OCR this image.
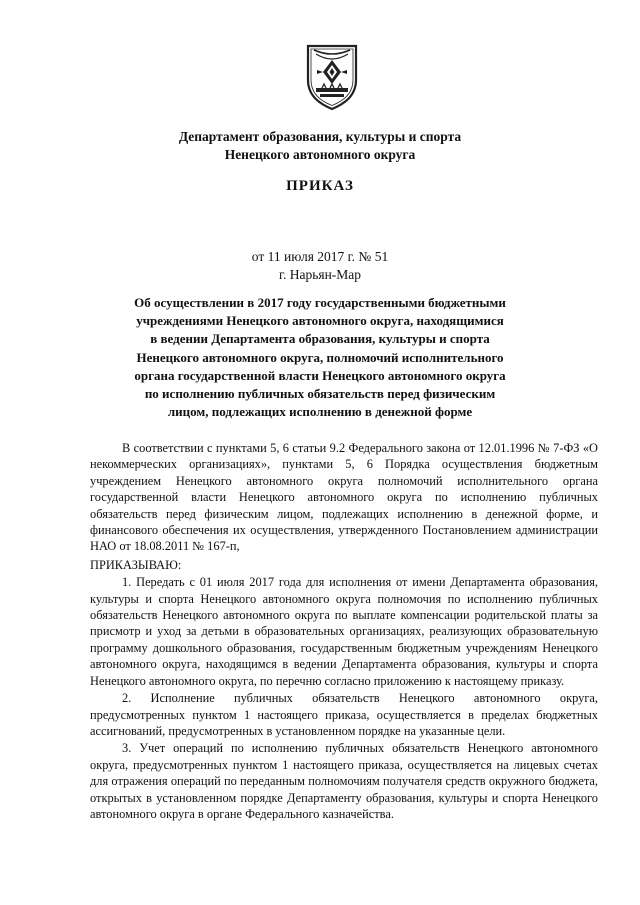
Департамент образования, культуры и спорта
Ненецкого автономного округа
ПРИКАЗ
от 11 июля 2017 г. № 51
г. Нарьян-Мар
Об осуществлении в 2017 году государственными бюджетными
учреждениями Ненецкого автономного округа, находящимися
в ведении Департамента образования, культуры и спорта
Ненецкого автономного округа, полномочий исполнительного
органа государственной власти Ненецкого автономного округа
по исполнению публичных обязательств перед физическим
лицом, подлежащих исполнению в денежной форме

В соответствии с пунктами 5, 6 статьи 9.2 Федерального закона от 12.01.1996 № 7-ФЗ «О некоммерческих организациях», пунктами 5, 6 Порядка осуществления бюджетным учреждением Ненецкого автономного округа полномочий исполнительного органа государственной власти Ненецкого автономного округа по исполнению публичных обязательств перед физическим лицом, подлежащих исполнению в денежной форме, и финансового обеспечения их осуществления, утвержденного Постановлением администрации НАО от 18.08.2011 № 167-п,

ПРИКАЗЫВАЮ:

1. Передать с 01 июля 2017 года для исполнения от имени Департамента образования, культуры и спорта Ненецкого автономного округа полномочия по исполнению публичных обязательств Ненецкого автономного округа по выплате компенсации родительской платы за присмотр и уход за детьми в образовательных организациях, реализующих образовательную программу дошкольного образования, государственным бюджетным учреждениям Ненецкого автономного округа, находящимся в ведении Департамента образования, культуры и спорта Ненецкого автономного округа, по перечню согласно приложению к настоящему приказу.

2. Исполнение публичных обязательств Ненецкого автономного округа, предусмотренных пунктом 1 настоящего приказа, осуществляется в пределах бюджетных ассигнований, предусмотренных в установленном порядке на указанные цели.

3. Учет операций по исполнению публичных обязательств Ненецкого автономного округа, предусмотренных пунктом 1 настоящего приказа, осуществляется на лицевых счетах для отражения операций по переданным полномочиям получателя средств окружного бюджета, открытых в установленном порядке Департаменту образования, культуры и спорта Ненецкого автономного округа в органе Федерального казначейства.
